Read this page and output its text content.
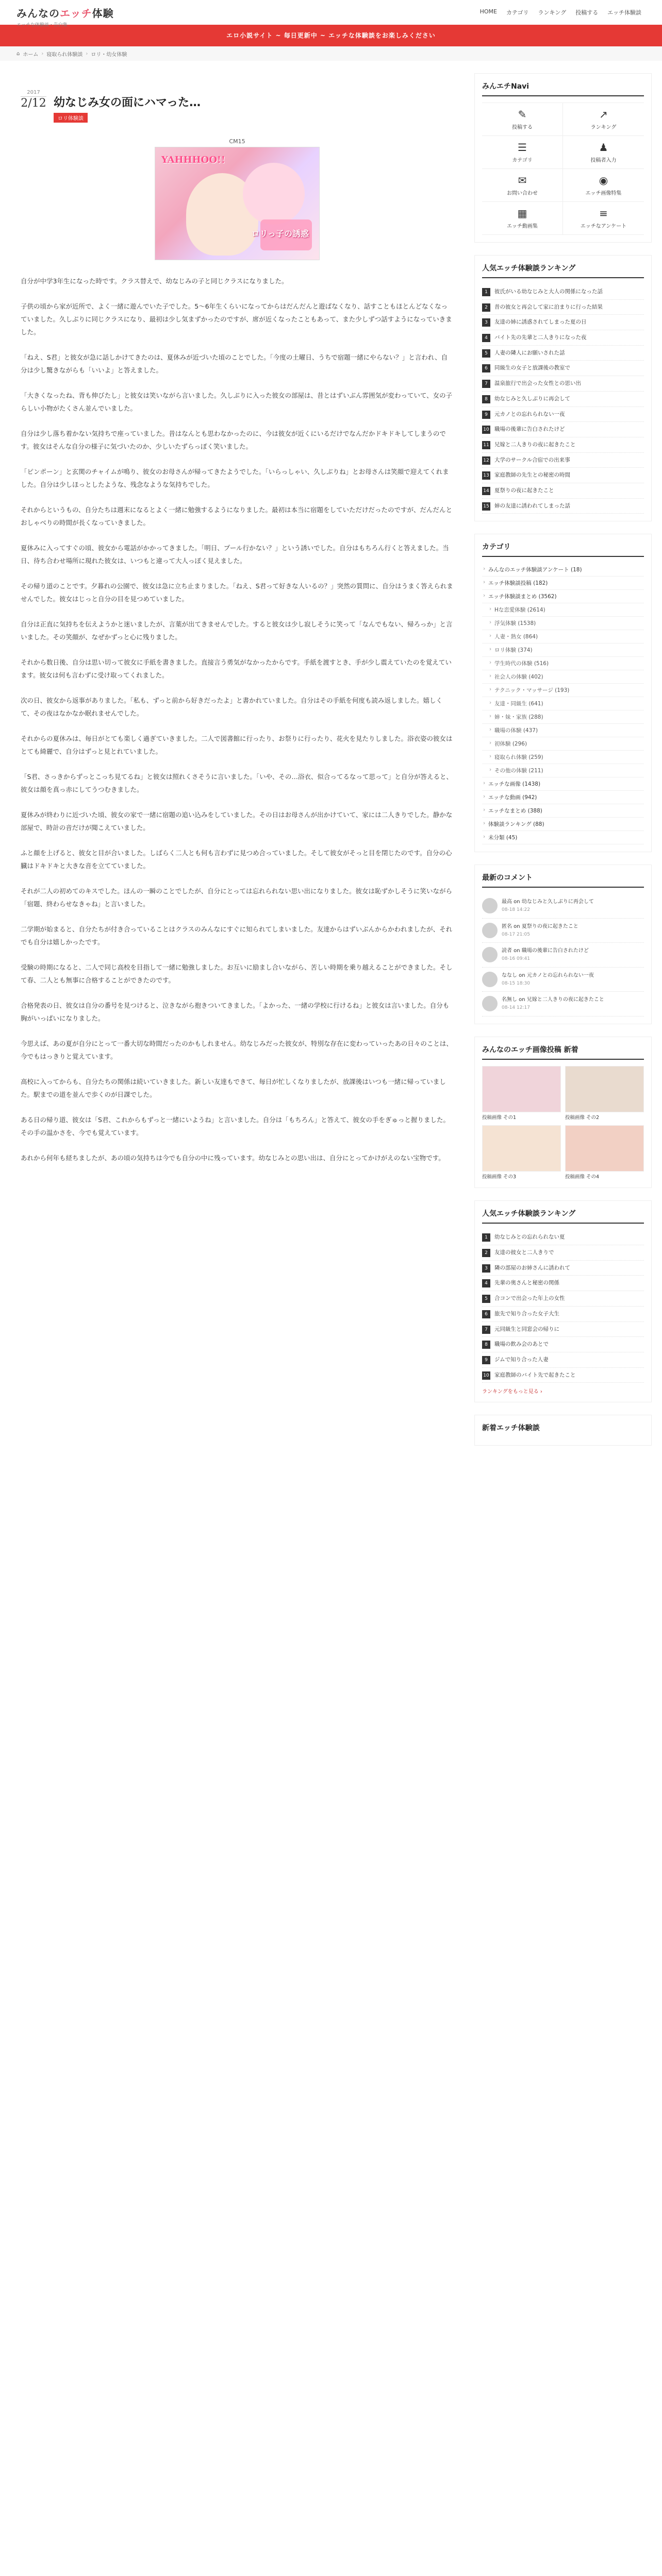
みんなのエッチ体験
エッチな体験談・告白集
HOME カテゴリ ランキング 投稿する エッチ体験談
エロ小説サイト ~ 毎日更新中 ~ エッチな体験談をお楽しみください
⌂ ホーム › 寝取られ体験談 › ロリ・幼女体験
2017
2/12 幼なじみ女の面にハマった…
ロリ体験談
CM15
YAHHHOO!!
ロリっ子の誘惑

自分が中学3年生になった時です。クラス替えで、幼なじみの子と同じクラスになりました。

子供の頃から家が近所で、よく一緒に遊んでいた子でした。5〜6年生くらいになってからはだんだんと遊ばなくなり、話すこともほとんどなくなっていました。久しぶりに同じクラスになり、最初は少し気まずかったのですが、席が近くなったこともあって、また少しずつ話すようになっていきました。

「ねえ、S君」と彼女が急に話しかけてきたのは、夏休みが近づいた頃のことでした。「今度の土曜日、うちで宿題一緒にやらない？」と言われ、自分は少し驚きながらも「いいよ」と答えました。

「大きくなったね、背も伸びたし」と彼女は笑いながら言いました。久しぶりに入った彼女の部屋は、昔とはずいぶん雰囲気が変わっていて、女の子らしい小物がたくさん並んでいました。

自分は少し落ち着かない気持ちで座っていました。昔はなんとも思わなかったのに、今は彼女が近くにいるだけでなんだかドキドキしてしまうのです。彼女はそんな自分の様子に気づいたのか、少しいたずらっぽく笑いました。

「ピンポーン」と玄関のチャイムが鳴り、彼女のお母さんが帰ってきたようでした。「いらっしゃい、久しぶりね」とお母さんは笑顔で迎えてくれました。自分は少しほっとしたような、残念なような気持ちでした。

それからというもの、自分たちは週末になるとよく一緒に勉強するようになりました。最初は本当に宿題をしていただけだったのですが、だんだんとおしゃべりの時間が長くなっていきました。

夏休みに入ってすぐの頃、彼女から電話がかかってきました。「明日、プール行かない？」という誘いでした。自分はもちろん行くと答えました。当日、待ち合わせ場所に現れた彼女は、いつもと違って大人っぽく見えました。

その帰り道のことです。夕暮れの公園で、彼女は急に立ち止まりました。「ねえ、S君って好きな人いるの？」突然の質問に、自分はうまく答えられませんでした。彼女はじっと自分の目を見つめていました。

自分は正直に気持ちを伝えようかと迷いましたが、言葉が出てきませんでした。すると彼女は少し寂しそうに笑って「なんでもない、帰ろっか」と言いました。その笑顔が、なぜかずっと心に残りました。

それから数日後、自分は思い切って彼女に手紙を書きました。直接言う勇気がなかったからです。手紙を渡すとき、手が少し震えていたのを覚えています。彼女は何も言わずに受け取ってくれました。

次の日、彼女から返事がありました。「私も、ずっと前から好きだったよ」と書かれていました。自分はその手紙を何度も読み返しました。嬉しくて、その夜はなかなか眠れませんでした。

それからの夏休みは、毎日がとても楽しく過ぎていきました。二人で図書館に行ったり、お祭りに行ったり、花火を見たりしました。浴衣姿の彼女はとても綺麗で、自分はずっと見とれていました。

「S君、さっきからずっとこっち見てるね」と彼女は照れくさそうに言いました。「いや、その…浴衣、似合ってるなって思って」と自分が答えると、彼女は顔を真っ赤にしてうつむきました。

夏休みが終わりに近づいた頃、彼女の家で一緒に宿題の追い込みをしていました。その日はお母さんが出かけていて、家には二人きりでした。静かな部屋で、時計の音だけが聞こえていました。

ふと顔を上げると、彼女と目が合いました。しばらく二人とも何も言わずに見つめ合っていました。そして彼女がそっと目を閉じたのです。自分の心臓はドキドキと大きな音を立てていました。

それが二人の初めてのキスでした。ほんの一瞬のことでしたが、自分にとっては忘れられない思い出になりました。彼女は恥ずかしそうに笑いながら「宿題、終わらせなきゃね」と言いました。

二学期が始まると、自分たちが付き合っていることはクラスのみんなにすぐに知られてしまいました。友達からはずいぶんからかわれましたが、それでも自分は嬉しかったです。

受験の時期になると、二人で同じ高校を目指して一緒に勉強しました。お互いに励まし合いながら、苦しい時期を乗り越えることができました。そして春、二人とも無事に合格することができたのです。

合格発表の日、彼女は自分の番号を見つけると、泣きながら抱きついてきました。「よかった、一緒の学校に行けるね」と彼女は言いました。自分も胸がいっぱいになりました。

今思えば、あの夏が自分にとって一番大切な時間だったのかもしれません。幼なじみだった彼女が、特別な存在に変わっていったあの日々のことは、今でもはっきりと覚えています。

高校に入ってからも、自分たちの関係は続いていきました。新しい友達もできて、毎日が忙しくなりましたが、放課後はいつも一緒に帰っていました。駅までの道を並んで歩くのが日課でした。

ある日の帰り道、彼女は「S君、これからもずっと一緒にいようね」と言いました。自分は「もちろん」と答えて、彼女の手をぎゅっと握りました。その手の温かさを、今でも覚えています。

あれから何年も経ちましたが、あの頃の気持ちは今でも自分の中に残っています。幼なじみとの思い出は、自分にとってかけがえのない宝物です。

みんエチNavi
✎
投稿する
↗
ランキング
☰
カテゴリ
♟
投稿者入力
✉
お問い合わせ
◉
エッチ画像特集
▦
エッチ動画集
≡
エッチなアンケート
人気エッチ体験談ランキング
1	彼氏がいる幼なじみと大人の関係になった話
2	昔の彼女と再会して家に泊まりに行った結果
3	友達の姉に誘惑されてしまった夏の日
4	バイト先の先輩と二人きりになった夜
5	人妻の隣人にお願いされた話
6	同級生の女子と放課後の教室で
7	温泉旅行で出会った女性との思い出
8	幼なじみと久しぶりに再会して
9	元カノとの忘れられない一夜
10 職場の後輩に告白されたけど
11 兄嫁と二人きりの夜に起きたこと
12 大学のサークル合宿での出来事
13 家庭教師の先生との秘密の時間
14 夏祭りの夜に起きたこと
15 姉の友達に誘われてしまった話
カテゴリ
› みんなのエッチ体験談アンケート (18)
› エッチ体験談投稿 (182)
› エッチ体験談まとめ (3562)
› Hな恋愛体験 (2614)
› 浮気体験 (1538)
› 人妻・熟女 (864)
› ロリ体験 (374)
› 学生時代の体験 (516)
› 社会人の体験 (402)
› テクニック・マッサージ (193)
› 友達・同級生 (641)
› 姉・妹・家族 (288)
› 職場の体験 (437)
› 初体験 (296)
› 寝取られ体験 (259)
› その他の体験 (211)
› エッチな画像 (1438)
› エッチな動画 (942)
› エッチなまとめ (388)
› 体験談ランキング (88)
› 未分類 (45)
最新のコメント
最高 on 幼なじみと久しぶりに再会して
08-18 14:22
匿名 on 夏祭りの夜に起きたこと
08-17 21:05
読者 on 職場の後輩に告白されたけど
08-16 09:41
ななし on 元カノとの忘れられない一夜
08-15 18:30
名無し on 兄嫁と二人きりの夜に起きたこと
08-14 12:17
みんなのエッチ画像投稿 新着
投稿画像 その1	投稿画像 その2
投稿画像 その3	投稿画像 その4
人気エッチ体験談ランキング
1	幼なじみとの忘れられない夏
2	友達の彼女と二人きりで
3	隣の部屋のお姉さんに誘われて
4	先輩の奥さんと秘密の関係
5	合コンで出会った年上の女性
6	旅先で知り合った女子大生
7	元同級生と同窓会の帰りに
8	職場の飲み会のあとで
9	ジムで知り合った人妻
10 家庭教師のバイト先で起きたこと
ランキングをもっと見る ›
新着エッチ体験談
